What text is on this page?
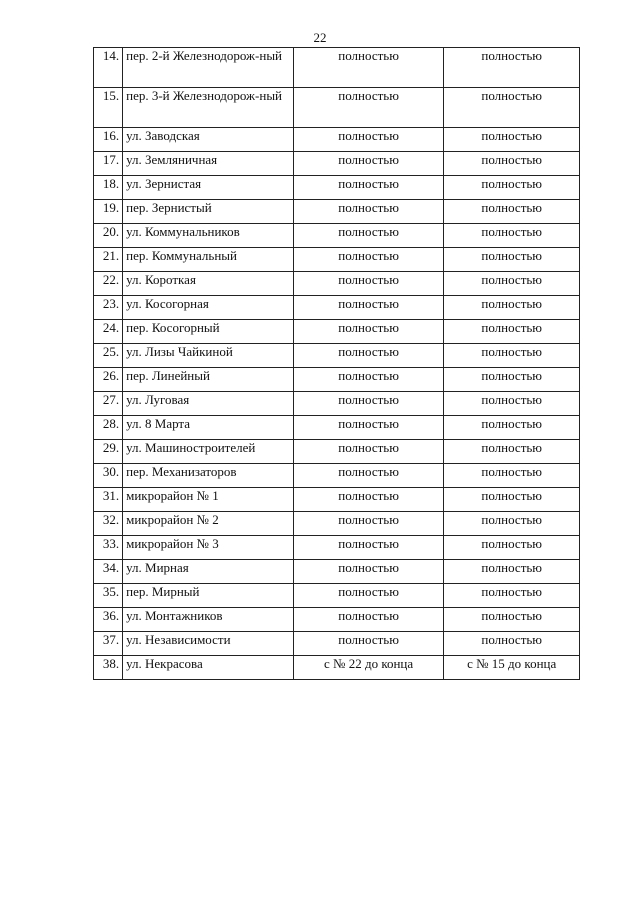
22
14.	пер. 2-й Железнодорож-ный	полностью	полностью
15.	пер. 3-й Железнодорож-ный	полностью	полностью
16.	ул. Заводская	полностью	полностью
17.	ул. Земляничная	полностью	полностью
18.	ул. Зернистая	полностью	полностью
19.	пер. Зернистый	полностью	полностью
20.	ул. Коммунальников	полностью	полностью
21.	пер. Коммунальный	полностью	полностью
22.	ул. Короткая	полностью	полностью
23.	ул. Косогорная	полностью	полностью
24.	пер. Косогорный	полностью	полностью
25.	ул. Лизы Чайкиной	полностью	полностью
26.	пер. Линейный	полностью	полностью
27.	ул. Луговая	полностью	полностью
28.	ул. 8 Марта	полностью	полностью
29.	ул. Машиностроителей	полностью	полностью
30.	пер. Механизаторов	полностью	полностью
31.	микрорайон № 1	полностью	полностью
32.	микрорайон № 2	полностью	полностью
33.	микрорайон № 3	полностью	полностью
34.	ул. Мирная	полностью	полностью
35.	пер. Мирный	полностью	полностью
36.	ул. Монтажников	полностью	полностью
37.	ул. Независимости	полностью	полностью
38.	ул. Некрасова	с № 22 до конца	с № 15 до конца
